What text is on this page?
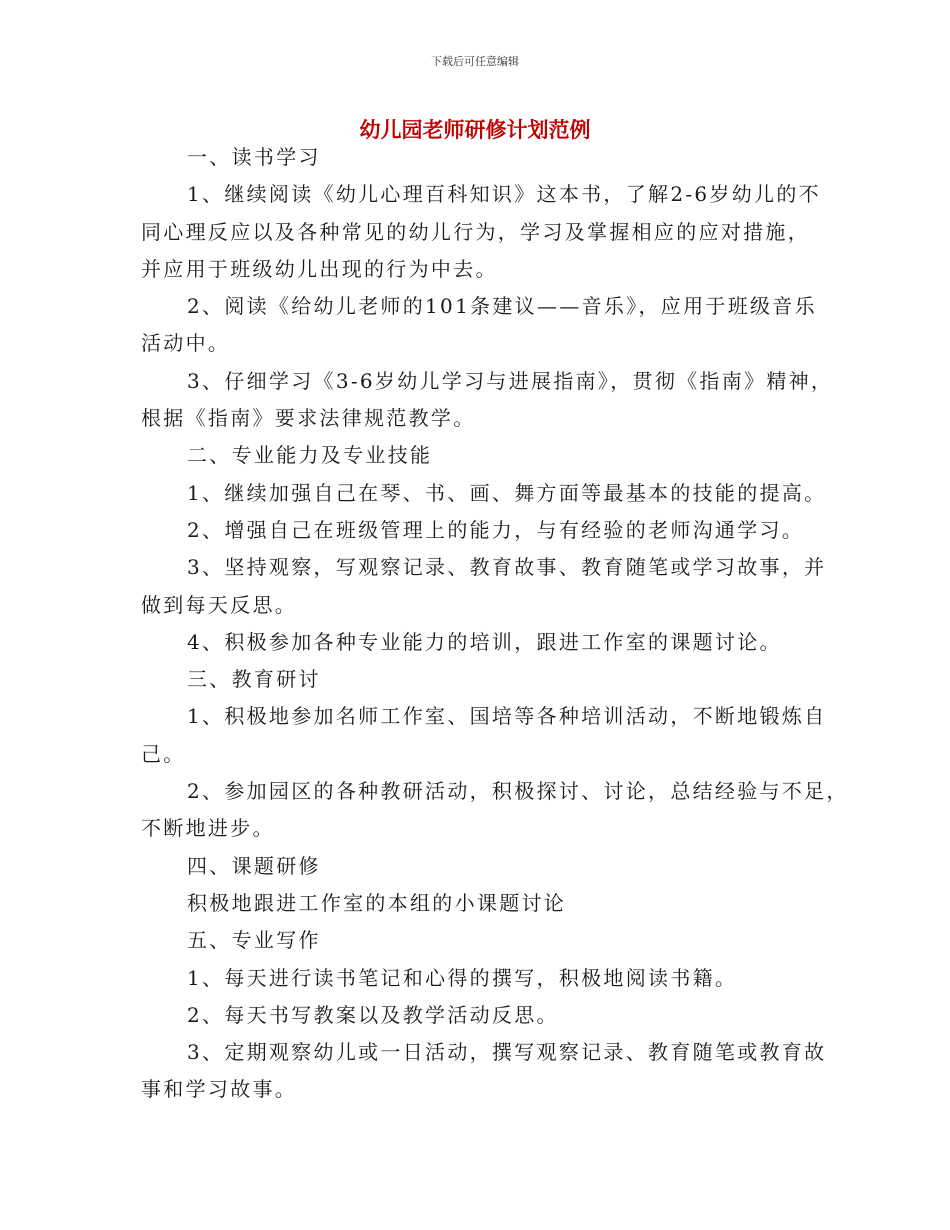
下载后可任意编辑
幼儿园老师研修计划范例
一、读书学习
1、继续阅读《幼儿心理百科知识》这本书，了解2-6岁幼儿的不
同心理反应以及各种常见的幼儿行为，学习及掌握相应的应对措施，
并应用于班级幼儿出现的行为中去。
2、阅读《给幼儿老师的101条建议——音乐》，应用于班级音乐
活动中。
3、仔细学习《3-6岁幼儿学习与进展指南》，贯彻《指南》精神，
根据《指南》要求法律规范教学。
二、专业能力及专业技能
1、继续加强自己在琴、书、画、舞方面等最基本的技能的提高。
2、增强自己在班级管理上的能力，与有经验的老师沟通学习。
3、坚持观察，写观察记录、教育故事、教育随笔或学习故事，并
做到每天反思。
4、积极参加各种专业能力的培训，跟进工作室的课题讨论。
三、教育研讨
1、积极地参加名师工作室、国培等各种培训活动，不断地锻炼自
己。
2、参加园区的各种教研活动，积极探讨、讨论，总结经验与不足，
不断地进步。
四、课题研修
积极地跟进工作室的本组的小课题讨论
五、专业写作
1、每天进行读书笔记和心得的撰写，积极地阅读书籍。
2、每天书写教案以及教学活动反思。
3、定期观察幼儿或一日活动，撰写观察记录、教育随笔或教育故
事和学习故事。
